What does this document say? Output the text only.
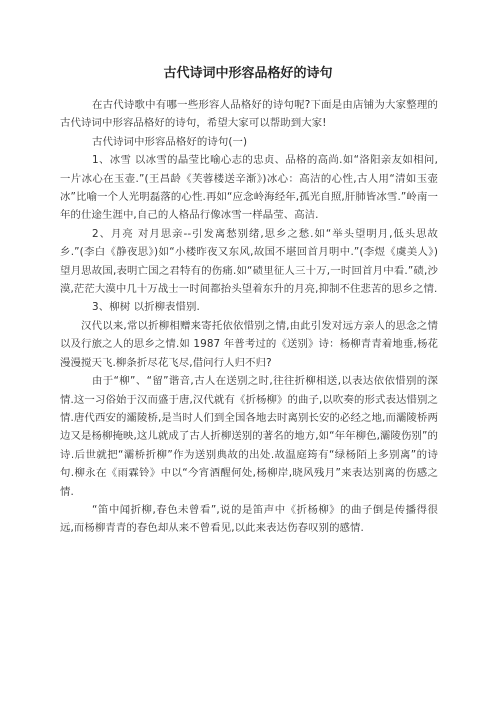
古代诗词中形容品格好的诗句

在古代诗歌中有哪一些形容人品格好的诗句呢?下面是由店铺为大家整理的古代诗词中形容品格好的诗句，希望大家可以帮助到大家!

古代诗词中形容品格好的诗句(一)

1、冰雪 以冰雪的晶莹比喻心志的忠贞、品格的高尚.如“洛阳亲友如相问,一片冰心在玉壶.”(王昌龄《芙蓉楼送辛渐》)冰心：高洁的心性,古人用“清如玉壶冰”比喻一个人光明磊落的心性.再如“应念岭海经年,孤光自照,肝肺皆冰雪.”岭南一年的仕途生涯中,自己的人格品行像冰雪一样晶莹、高洁.

2、月亮 对月思亲--引发离愁别绪,思乡之愁.如“举头望明月,低头思故乡.”(李白《静夜思》)如“小楼昨夜又东风,故国不堪回首月明中.”(李煜《虞美人》)望月思故国,表明亡国之君特有的伤痛.如“碛里征人三十万,一时回首月中看.”碛,沙漠,茫茫大漠中几十万战士一时间都抬头望着东升的月亮,抑制不住悲苦的思乡之情.

3、柳树 以折柳表惜别.

汉代以来,常以折柳相赠来寄托依依惜别之情,由此引发对远方亲人的思念之情以及行旅之人的思乡之情.如 1987 年普考过的《送别》诗：杨柳青青着地垂,杨花漫漫搅天飞.柳条折尽花飞尽,借问行人归不归?

由于“柳”、“留”谐音,古人在送别之时,往往折柳相送,以表达依依惜别的深情.这一习俗始于汉而盛于唐,汉代就有《折杨柳》的曲子,以吹奏的形式表达惜别之情.唐代西安的灞陵桥,是当时人们到全国各地去时离别长安的必经之地,而灞陵桥两边又是杨柳掩映,这儿就成了古人折柳送别的著名的地方,如“年年柳色,灞陵伤别”的诗.后世就把“灞桥折柳”作为送别典故的出处.故温庭筠有“绿杨陌上多别离”的诗句.柳永在《雨霖铃》中以“今宵酒醒何处,杨柳岸,晓风残月”来表达别离的伤感之情.

“笛中闻折柳,春色未曾看”,说的是笛声中《折杨柳》的曲子倒是传播得很远,而杨柳青青的春色却从来不曾看见,以此来表达伤春叹别的感情.
